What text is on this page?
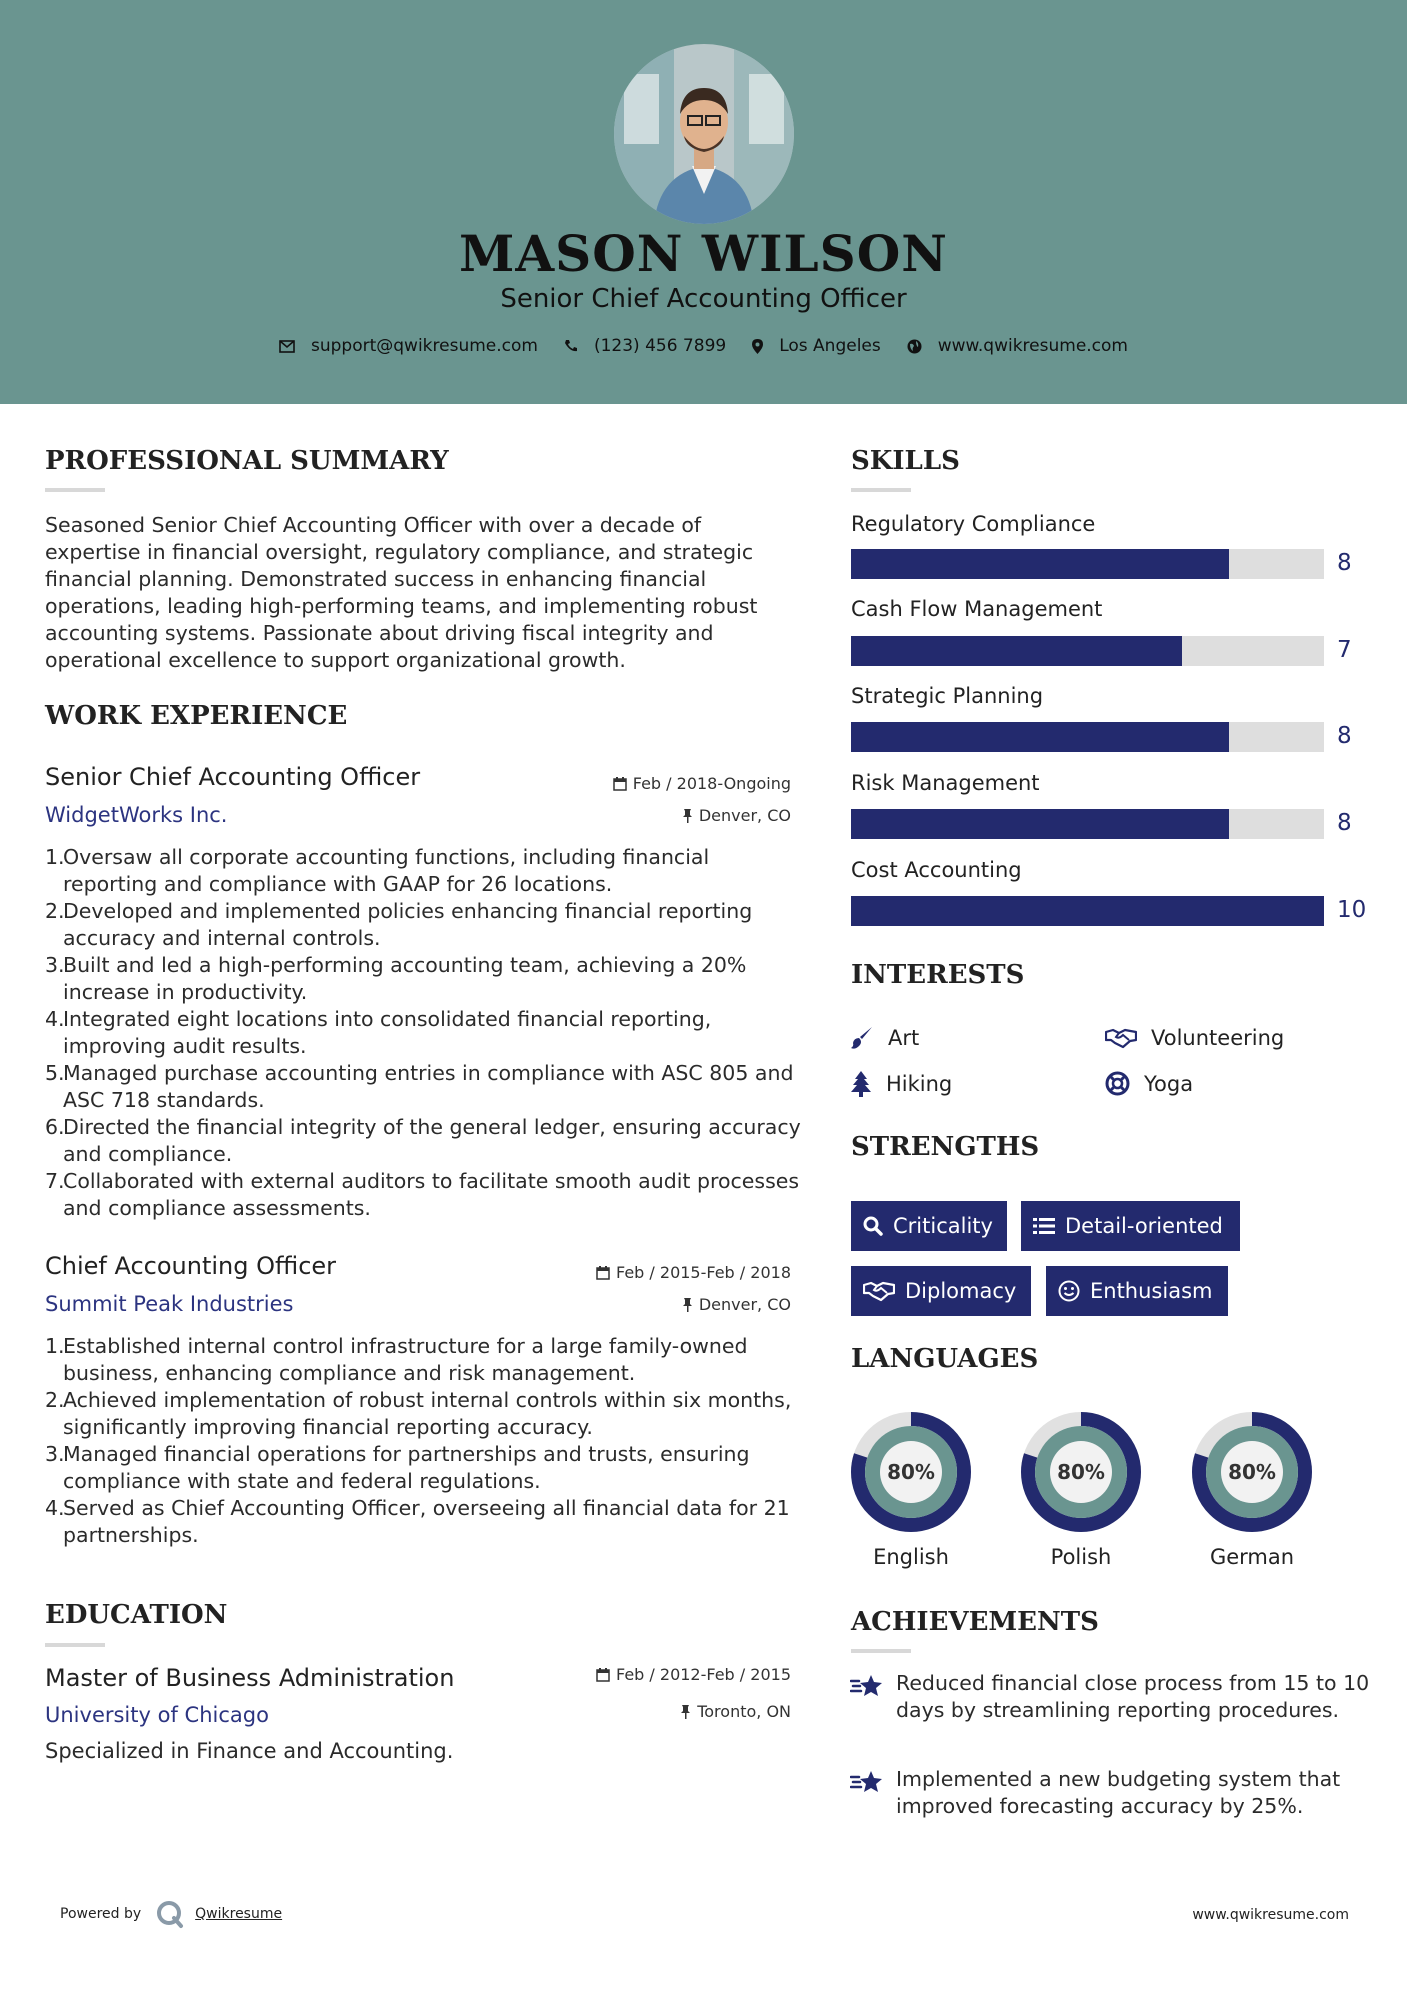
MASON WILSON
Senior Chief Accounting Officer
support@qwikresume.com	(123) 456 7899	Los Angeles	www.qwikresume.com
PROFESSIONAL SUMMARY
Seasoned Senior Chief Accounting Officer with over a decade of expertise in financial oversight, regulatory compliance, and strategic financial planning. Demonstrated success in enhancing financial operations, leading high-performing teams, and implementing robust accounting systems. Passionate about driving fiscal integrity and operational excellence to support organizational growth.
WORK EXPERIENCE
Senior Chief Accounting Officer
WidgetWorks Inc.
Feb / 2018-Ongoing
Denver, CO
1.
Oversaw all corporate accounting functions, including financial reporting and compliance with GAAP for 26 locations.
2.
Developed and implemented policies enhancing financial reporting accuracy and internal controls.
3.
Built and led a high-performing accounting team, achieving a 20% increase in productivity.
4.
Integrated eight locations into consolidated financial reporting, improving audit results.
5.
Managed purchase accounting entries in compliance with ASC 805 and ASC 718 standards.
6.
Directed the financial integrity of the general ledger, ensuring accuracy and compliance.
7.
Collaborated with external auditors to facilitate smooth audit processes and compliance assessments.
Chief Accounting Officer
Summit Peak Industries
Feb / 2015-Feb / 2018
Denver, CO
1.
Established internal control infrastructure for a large family-owned business, enhancing compliance and risk management.
2.
Achieved implementation of robust internal controls within six months, significantly improving financial reporting accuracy.
3.
Managed financial operations for partnerships and trusts, ensuring compliance with state and federal regulations.
4.
Served as Chief Accounting Officer, overseeing all financial data for 21 partnerships.
EDUCATION
Master of Business Administration
University of Chicago
Feb / 2012-Feb / 2015
Toronto, ON
Specialized in Finance and Accounting.
SKILLS
Regulatory Compliance
8
Cash Flow Management
7
Strategic Planning
8
Risk Management
8
Cost Accounting
10
INTERESTS
Art	Volunteering
Hiking	Yoga
STRENGTHS
Criticality	Detail-oriented
Diplomacy	Enthusiasm
LANGUAGES
80%
English
80%
Polish
80%
German
ACHIEVEMENTS
Reduced financial close process from 15 to 10 days by streamlining reporting procedures.
Implemented a new budgeting system that improved forecasting accuracy by 25%.
Powered by	Qwikresume	www.qwikresume.com
